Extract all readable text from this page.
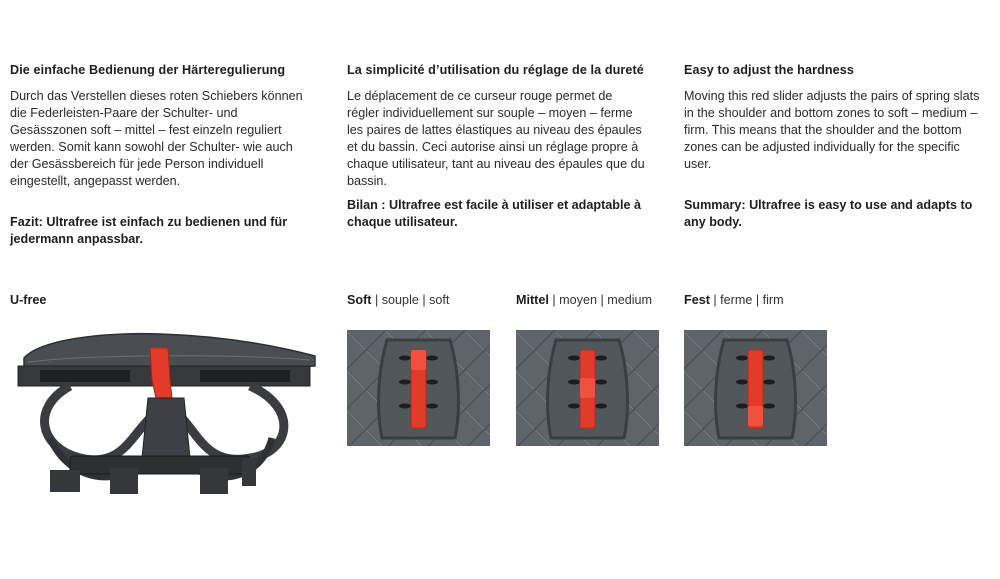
Die einfache Bedienung der Härteregulierung

Durch das Verstellen dieses roten Schiebers können die Federleisten-Paare der Schulter- und Gesässzonen soft – mittel – fest einzeln reguliert werden. Somit kann sowohl der Schulter- wie auch der Gesässbereich für jede Person individuell eingestellt, angepasst werden.

Fazit: Ultrafree ist einfach zu bedienen und für jedermann anpassbar.

La simplicité d’utilisation du réglage de la dureté

Le déplacement de ce curseur rouge permet de régler individuellement sur souple – moyen – ferme les paires de lattes élastiques au niveau des épaules et du bassin. Ceci autorise ainsi un réglage propre à chaque utilisateur, tant au niveau des épaules que du bassin.

Bilan : Ultrafree est facile à utiliser et adaptable à chaque utilisateur.

Easy to adjust the hardness

Moving this red slider adjusts the pairs of spring slats in the shoulder and bottom zones to soft – medium – firm. This means that the shoulder and the bottom zones can be adjusted individually for the specific user.

Summary: Ultrafree is easy to use and adapts to any body.

U-free	Soft | souple | soft	Mittel | moyen | medium	Fest | ferme | firm
